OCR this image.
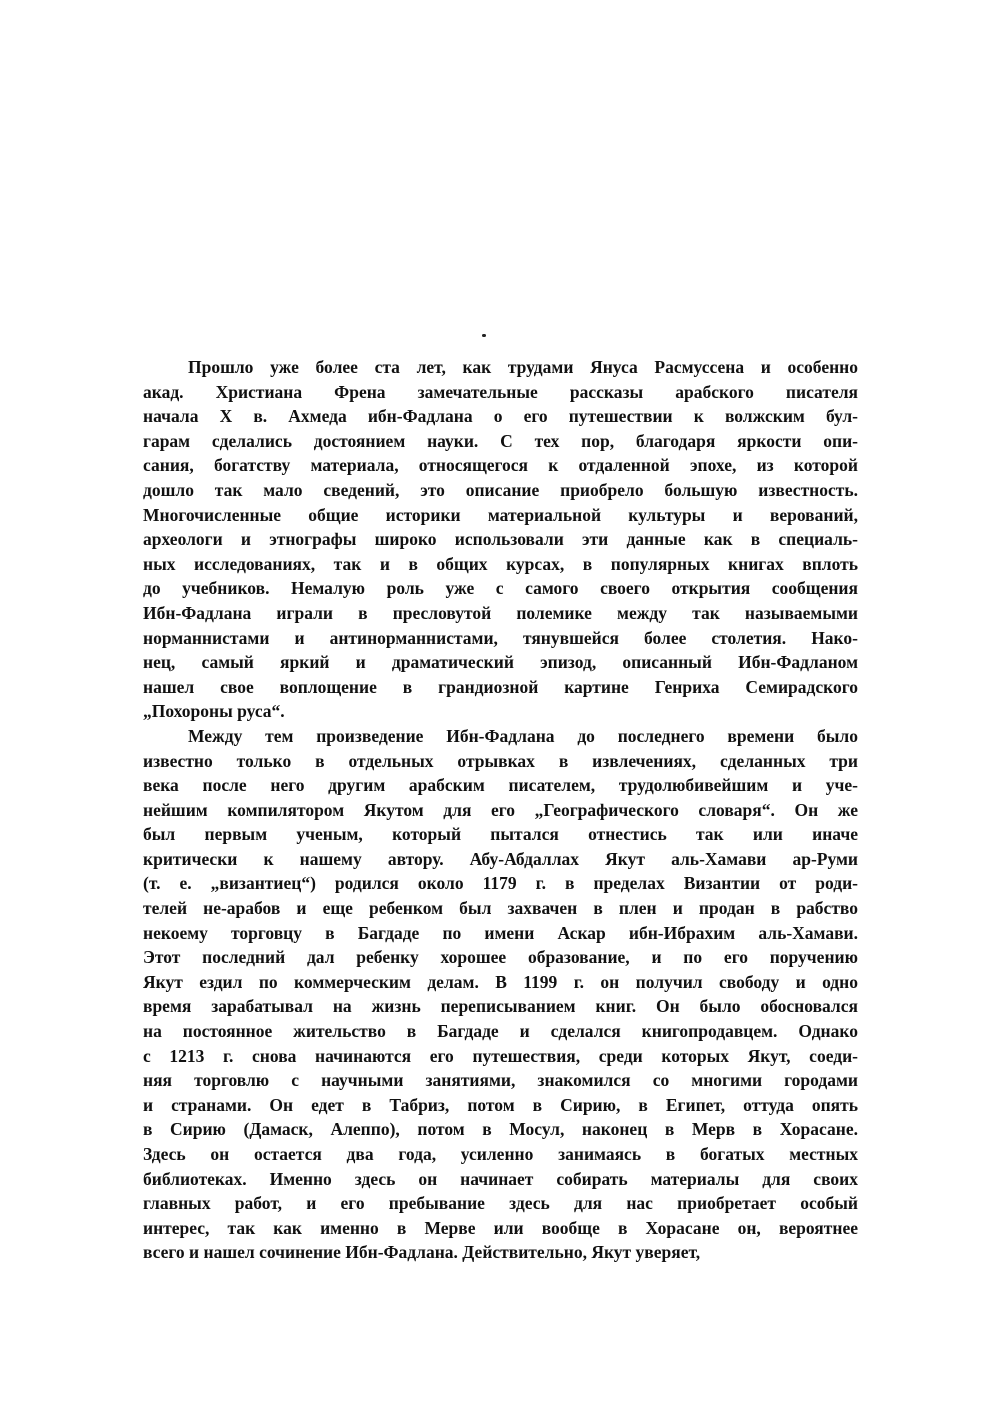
Прошло уже более ста лет, как трудами Януса Расмуссена и особенно
акад. Христиана Френа замечательные рассказы арабского писателя
начала X в. Ахмеда ибн-Фадлана о его путешествии к волжским бул-
гарам сделались достоянием науки. С тех пор, благодаря яркости опи-
сания, богатству материала, относящегося к отдаленной эпохе, из которой
дошло так мало сведений, это описание приобрело большую известность.
Многочисленные общие историки материальной культуры и верований,
археологи и этнографы широко использовали эти данные как в специаль-
ных исследованиях, так и в общих курсах, в популярных книгах вплоть
до учебников. Немалую роль уже с самого своего открытия сообщения
Ибн-Фадлана играли в пресловутой полемике между так называемыми
норманнистами и антинорманнистами, тянувшейся более столетия. Нако-
нец, самый яркий и драматический эпизод, описанный Ибн-Фадланом
нашел свое воплощение в грандиозной картине Генриха Семирадского
„Похороны руса“.
Между тем произведение Ибн-Фадлана до последнего времени было
известно только в отдельных отрывках в извлечениях, сделанных три
века после него другим арабским писателем, трудолюбивейшим и уче-
нейшим компилятором Якутом для его „Географического словаря“. Он же
был первым ученым, который пытался отнестись так или иначе
критически к нашему автору. Абу-Абдаллах Якут аль-Хамави ар-Руми
(т. е. „византиец“) родился около 1179 г. в пределах Византии от роди-
телей не-арабов и еще ребенком был захвачен в плен и продан в рабство
некоему торговцу в Багдаде по имени Аскар ибн-Ибрахим аль-Хамави.
Этот последний дал ребенку хорошее образование, и по его поручению
Якут ездил по коммерческим делам. В 1199 г. он получил свободу и одно
время зарабатывал на жизнь переписыванием книг. Он было обосновался
на постоянное жительство в Багдаде и сделался книгопродавцем. Однако
с 1213 г. снова начинаются его путешествия, среди которых Якут, соеди-
няя торговлю с научными занятиями, знакомился со многими городами
и странами. Он едет в Табриз, потом в Сирию, в Египет, оттуда опять
в Сирию (Дамаск, Алеппо), потом в Мосул, наконец в Мерв в Хорасане.
Здесь он остается два года, усиленно занимаясь в богатых местных
библиотеках. Именно здесь он начинает собирать материалы для своих
главных работ, и его пребывание здесь для нас приобретает особый
интерес, так как именно в Мерве или вообще в Хорасане он, вероятнее
всего и нашел сочинение Ибн-Фадлана. Действительно, Якут уверяет,
